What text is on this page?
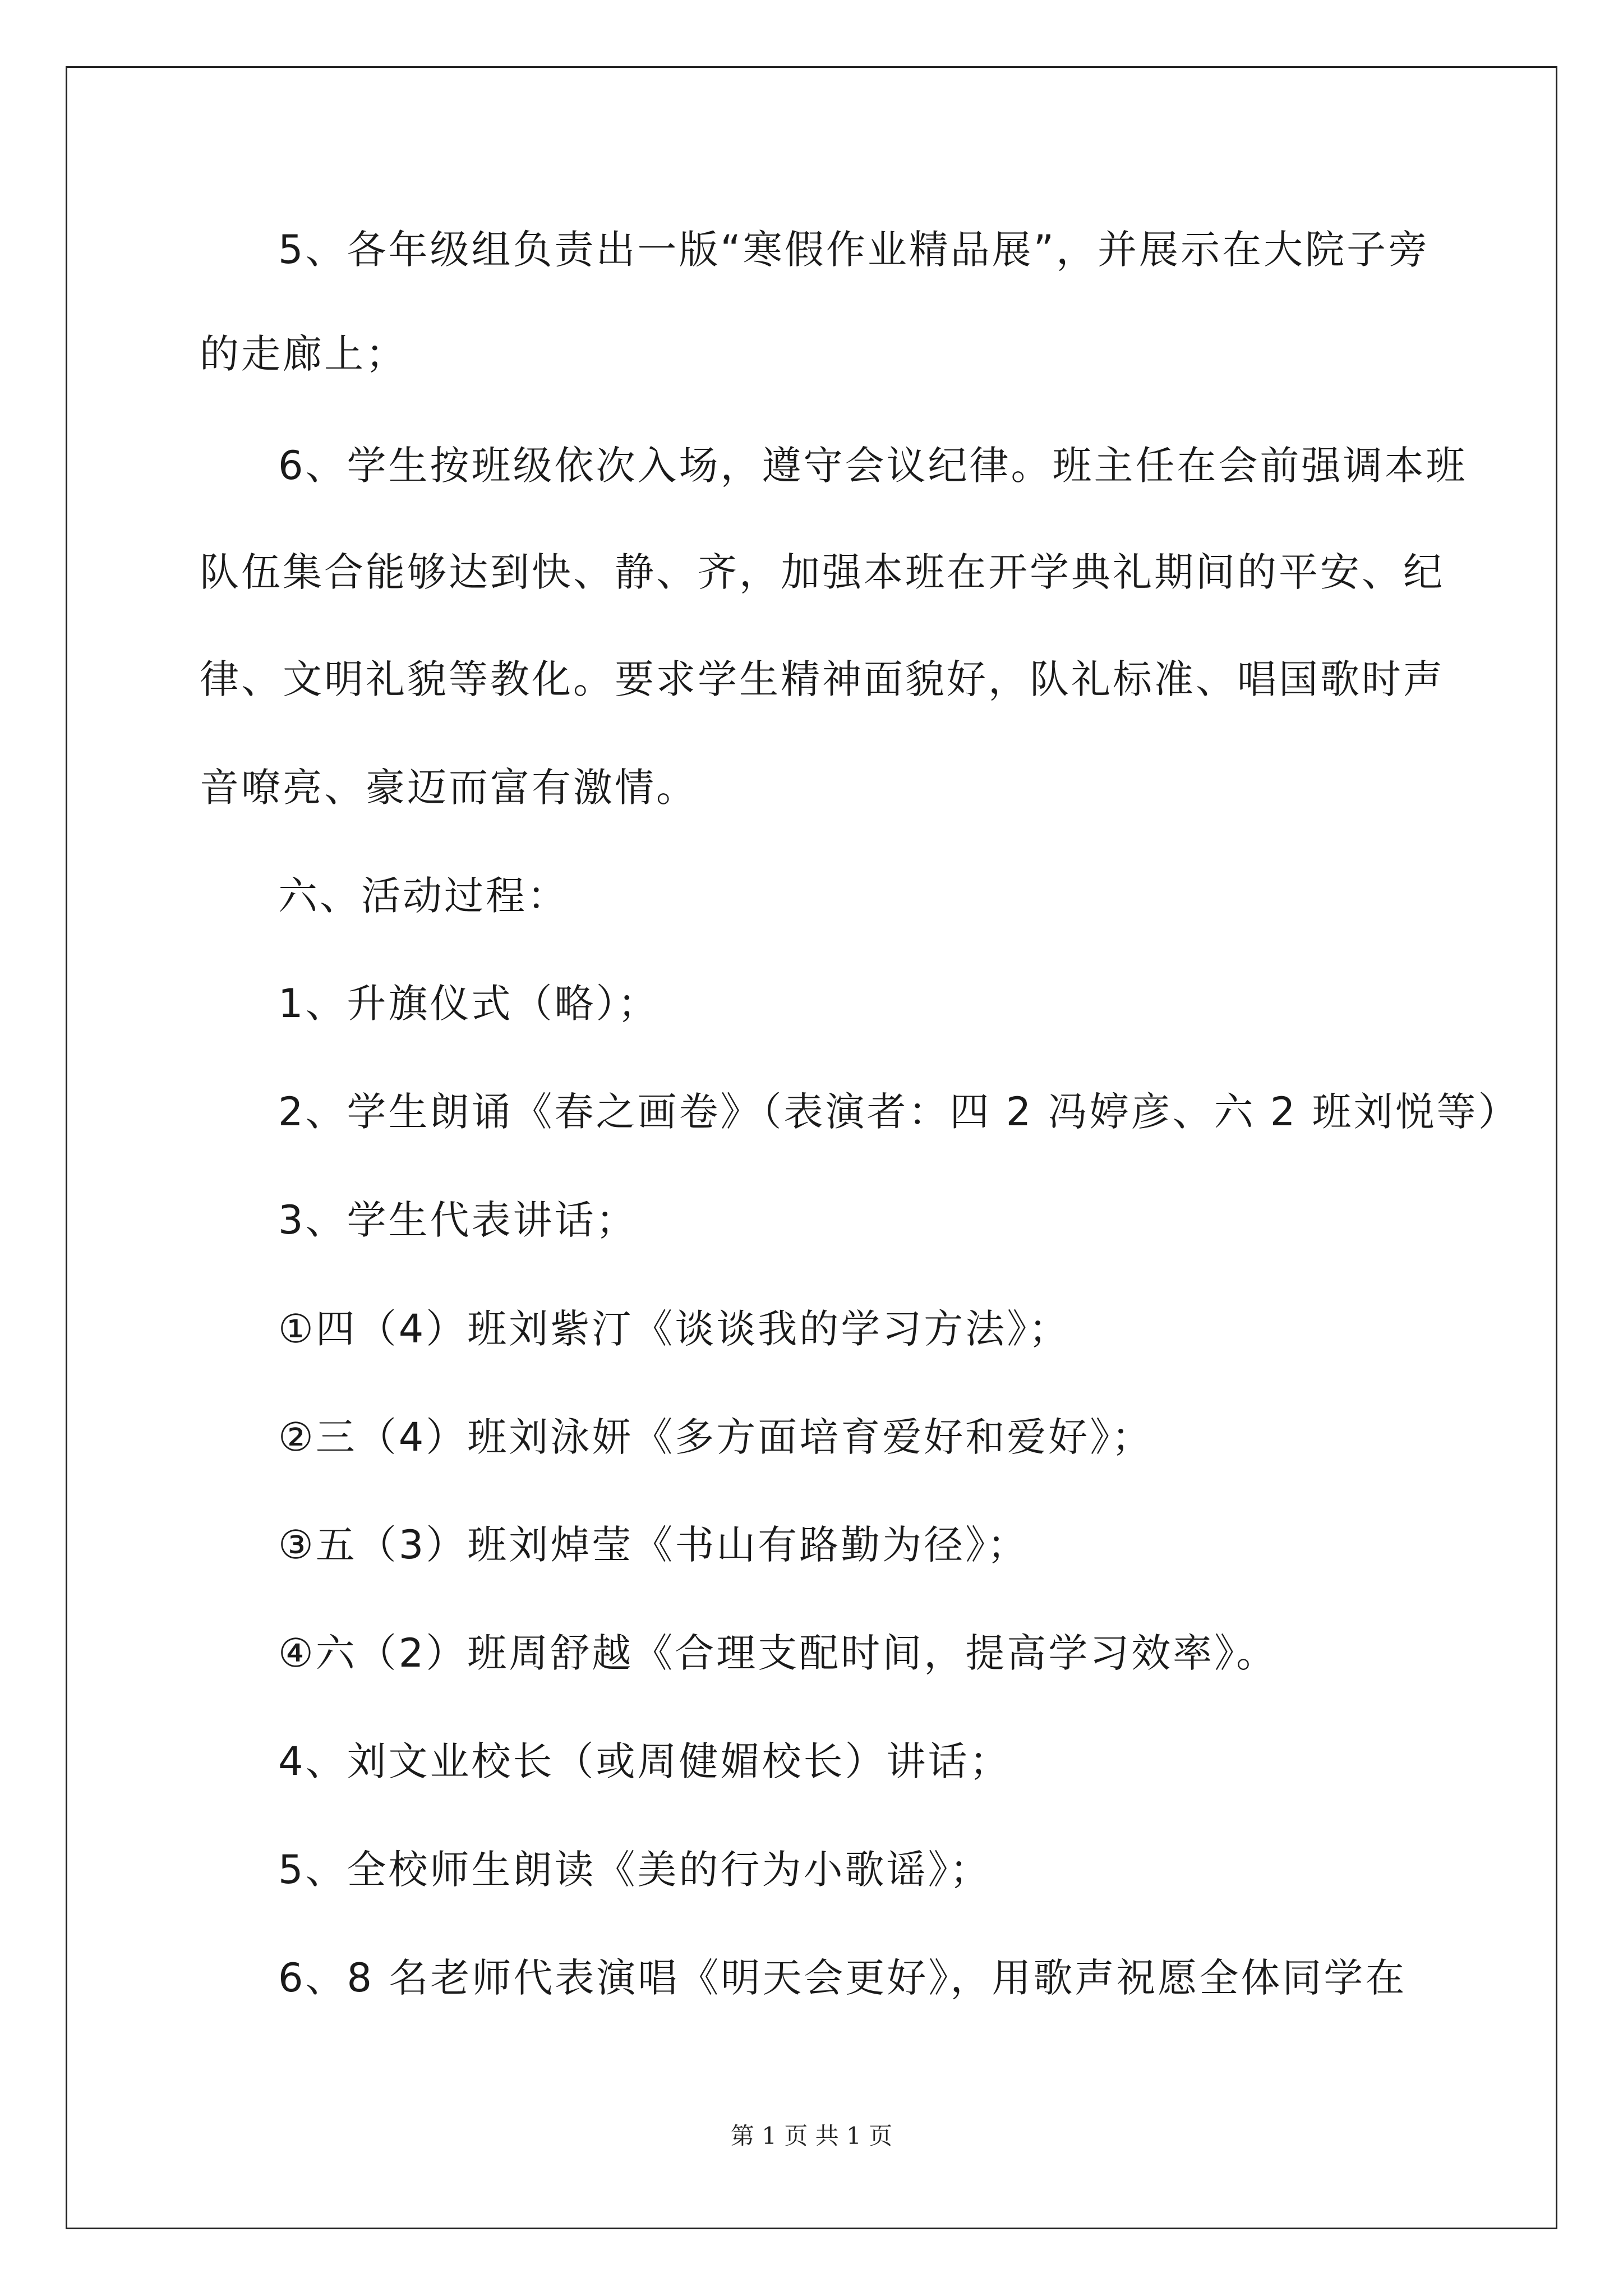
5、各年级组负责出一版“寒假作业精品展”，并展示在大院子旁
的走廊上；
6、学生按班级依次入场，遵守会议纪律。班主任在会前强调本班
队伍集合能够达到快、静、齐，加强本班在开学典礼期间的平安、纪
律、文明礼貌等教化。要求学生精神面貌好，队礼标准、唱国歌时声
音嘹亮、豪迈而富有激情。
六、活动过程：
1、升旗仪式（略）；
2、学生朗诵《春之画卷》（表演者：四 2 冯婷彦、六 2 班刘悦等）
3、学生代表讲话；
①四（4）班刘紫汀《谈谈我的学习方法》；
②三（4）班刘泳妍《多方面培育爱好和爱好》；
③五（3）班刘焯莹《书山有路勤为径》；
④六（2）班周舒越《合理支配时间，提高学习效率》。
4、刘文业校长（或周健媚校长）讲话；
5、全校师生朗读《美的行为小歌谣》；
6、8 名老师代表演唱《明天会更好》，用歌声祝愿全体同学在
第 1 页 共 1 页
